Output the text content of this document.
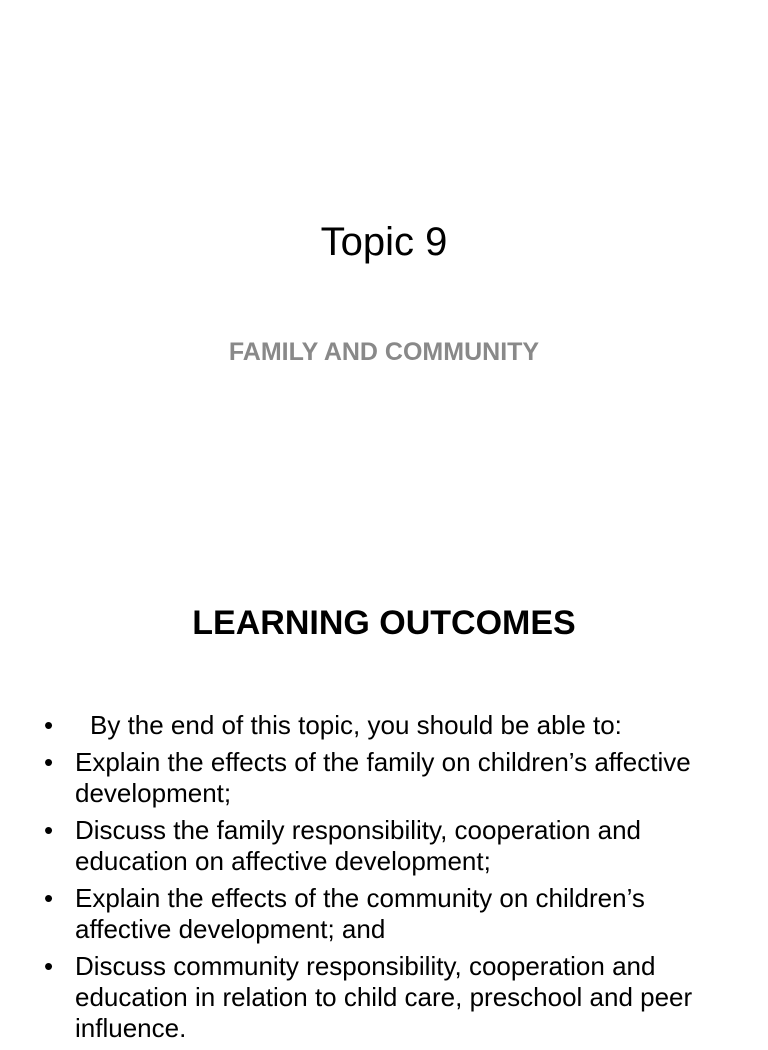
Topic 9
FAMILY AND COMMUNITY
LEARNING OUTCOMES
• By the end of this topic, you should be able to:
• Explain the effects of the family on children’s affective development;
• Discuss the family responsibility, cooperation and education on affective development;
• Explain the effects of the community on children’s affective development; and
• Discuss community responsibility, cooperation and education in relation to child care, preschool and peer influence.
